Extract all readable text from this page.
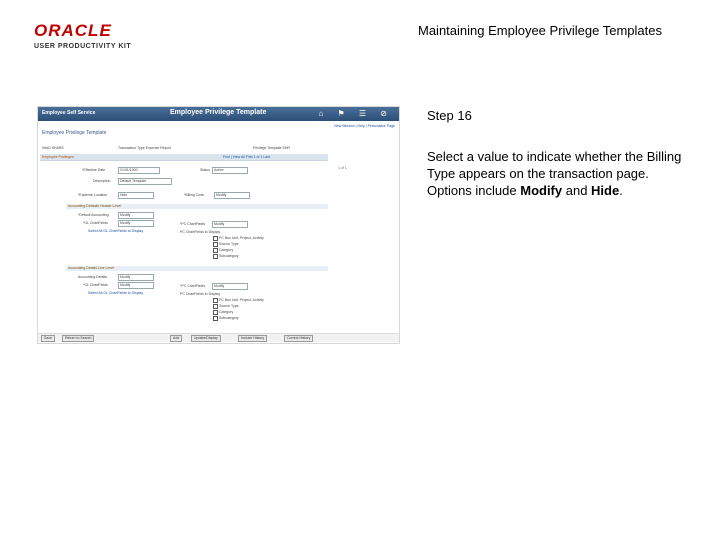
ORACLE
USER PRODUCTIVITY KIT
Maintaining Employee Privilege Templates
Employee Self Service	Employee Privilege Template	⌂ ⚑ ☰ ⊘
New Window | Help | Personalize Page
Employee Privilege Template
SetID SHARE	Transaction Type Expense Report	Privilege Template SHR
Employee Privileges	Find | View All First 1 of 1 Last
1 of 1
*Effective Date	01/01/1900	Status Active
Description	Default Template
*Expense Location	Hide	*Billing Code	Modify
Accounting Defaults Header Level
*Default Accounting	Modify
*GL ChartFields	Modify	*PC ChartFields	Modify
Select All GL ChartFields to Display	PC ChartFields to Display
PC Bus Unit, Project, Activity
Source Type
Category
Subcategory
Accounting Details Line Level
Accounting Details	Modify
*GL ChartFields	Modify	*PC ChartFields	Modify
Select All GL ChartFields to Display	PC ChartFields to Display
PC Bus Unit, Project, Activity
Source Type
Category
Subcategory
Save	Return to Search	Add	Update/Display	Include History	Correct History
Step 16
Select a value to indicate whether the Billing Type appears on the transaction page. Options include Modify and Hide.
